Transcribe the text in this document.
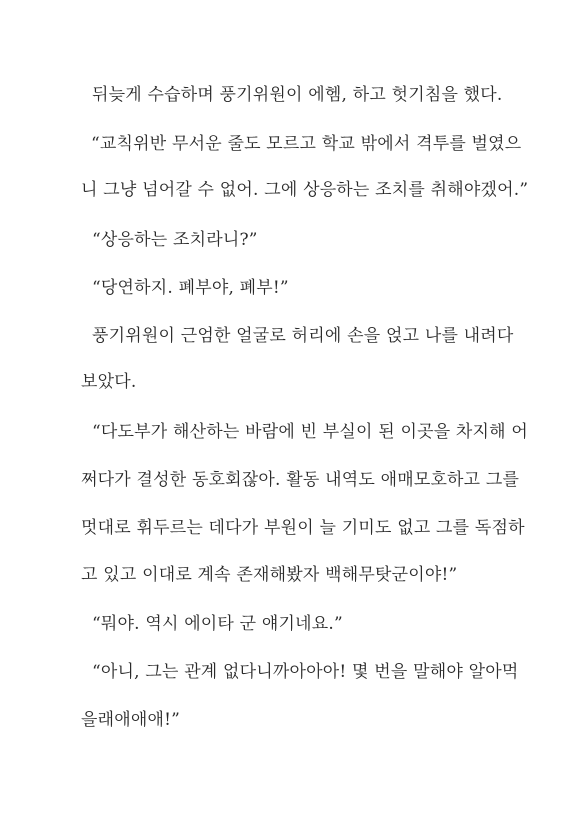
뒤늦게 수습하며 풍기위원이 에헴, 하고 헛기침을 했다.
“교칙위반 무서운 줄도 모르고 학교 밖에서 격투를 벌였으
니 그냥 넘어갈 수 없어. 그에 상응하는 조치를 취해야겠어.”
“상응하는 조치라니?”
“당연하지. 폐부야, 폐부!”
풍기위원이 근엄한 얼굴로 허리에 손을 얹고 나를 내려다
보았다.
“다도부가 해산하는 바람에 빈 부실이 된 이곳을 차지해 어
쩌다가 결성한 동호회잖아. 활동 내역도 애매모호하고 그를
멋대로 휘두르는 데다가 부원이 늘 기미도 없고 그를 독점하
고 있고 이대로 계속 존재해봤자 백해무탓군이야!”
“뭐야. 역시 에이타 군 얘기네요.”
“아니, 그는 관계 없다니까아아아! 몇 번을 말해야 알아먹
을래애애애!”
